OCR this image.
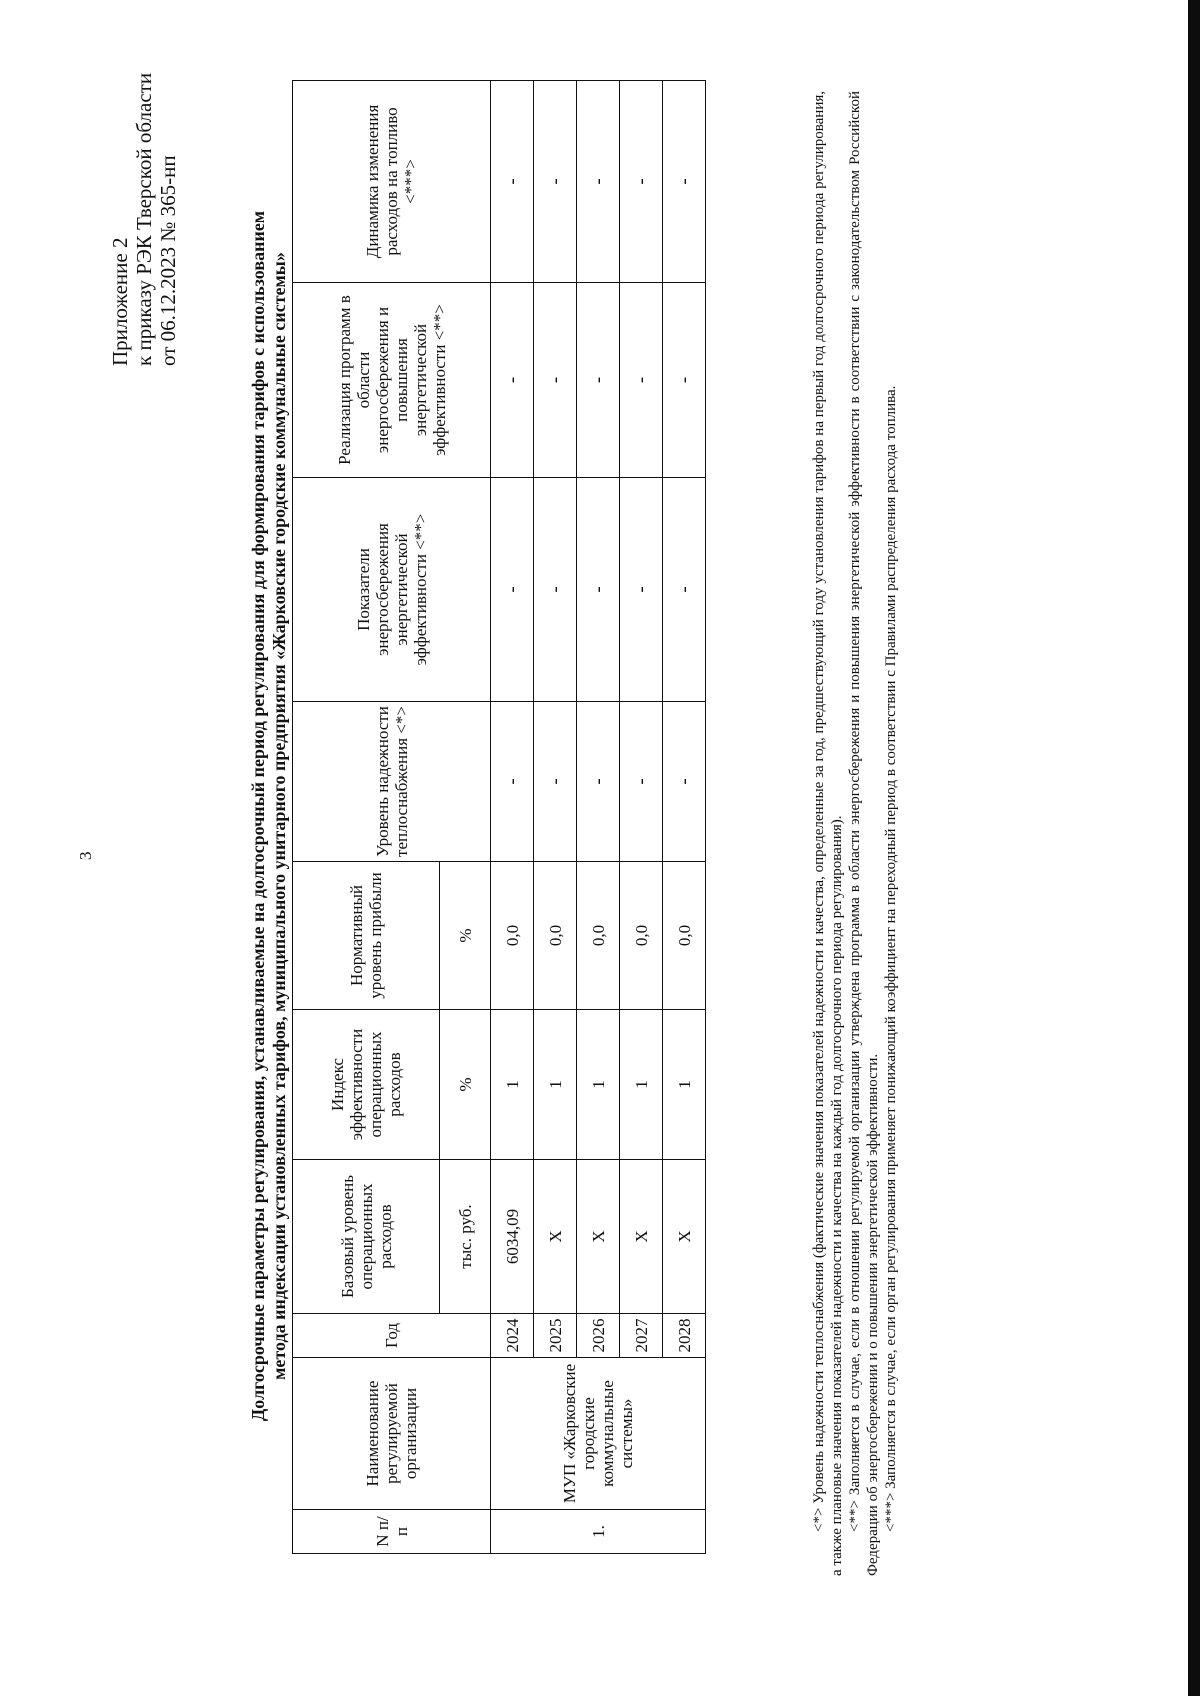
3
Приложение 2 к приказу РЭК Тверской области от 06.12.2023 № 365-нп	Долгосрочные параметры регулирования, устанавливаемые на долгосрочный период регулирования для формирования тарифов с использованием метода индексации установленных тарифов, муниципального унитарного предприятия «Жарковские городские коммунальные системы»
N п/п	Наименование регулируемой организации	Год	Базовый уровень операционных расходов	Индекс эффективности операционных расходов	Нормативный уровень прибыли	Уровень надежности теплоснабжения <*>	Показатели энергосбережения энергетической эффективности <**>	Реализация программ в области энергосбережения и повышения энергетической эффективности <**>	Динамика изменения расходов на топливо <***>
			тыс. руб.	%	%				
1.	МУП «Жарковские городские коммунальные системы»	2024	6034,09	1	0,0	-	-	-	-
		2025	X	1	0,0	-	-	-	-
		2026	X	1	0,0	-	-	-	-
		2027	X	1	0,0	-	-	-	-
		2028	X	1	0,0	-	-	-	-	<*> Уровень надежности теплоснабжения (фактические значения показателей надежности и качества, определенные за год, предшествующий году установления тарифов на первый год долгосрочного периода регулирования, а также плановые значения показателей надежности и качества на каждый год долгосрочного периода регулирования). <**> Заполняется в случае, если в отношении регулируемой организации утверждена программа в области энергосбережения и повышения энергетической эффективности в соответствии с законодательством Российской Федерации об энергосбережении и о повышении энергетической эффективности. <***> Заполняется в случае, если орган регулирования применяет понижающий коэффициент на переходный период в соответствии с Правилами распределения расхода топлива.
